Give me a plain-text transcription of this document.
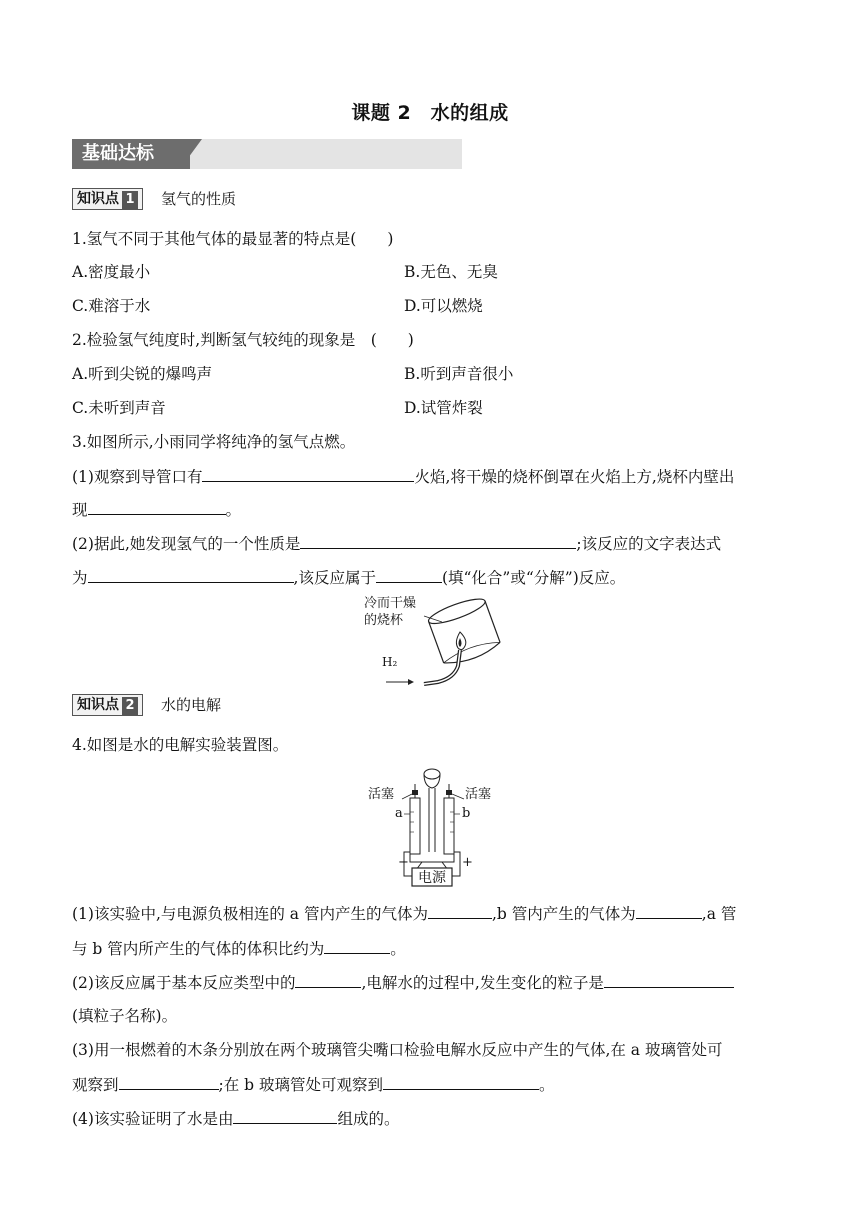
课题 2　水的组成
基础达标
知识点 1 氢气的性质
1.氢气不同于其他气体的最显著的特点是(　　)
A.密度最小	B.无色、无臭
C.难溶于水	D.可以燃烧
2.检验氢气纯度时,判断氢气较纯的现象是　(　　)
A.听到尖锐的爆鸣声	B.听到声音很小
C.未听到声音	D.试管炸裂
3.如图所示,小雨同学将纯净的氢气点燃。
(1)观察到导管口有	火焰,将干燥的烧杯倒罩在火焰上方,烧杯内壁出
现	。
(2)据此,她发现氢气的一个性质是	;该反应的文字表达式
为	,该反应属于	(填“化合”或“分解”)反应。
冷而干燥
的烧杯
H₂
知识点 2 水的电解
4.如图是水的电解实验装置图。
活塞	活塞
a	b
−	+
电源
(1)该实验中,与电源负极相连的 a 管内产生的气体为	,b 管内产生的气体为	,a 管
与 b 管内所产生的气体的体积比约为	。
(2)该反应属于基本反应类型中的	,电解水的过程中,发生变化的粒子是
(填粒子名称)。
(3)用一根燃着的木条分别放在两个玻璃管尖嘴口检验电解水反应中产生的气体,在 a 玻璃管处可
观察到	;在 b 玻璃管处可观察到	。
(4)该实验证明了水是由	组成的。
